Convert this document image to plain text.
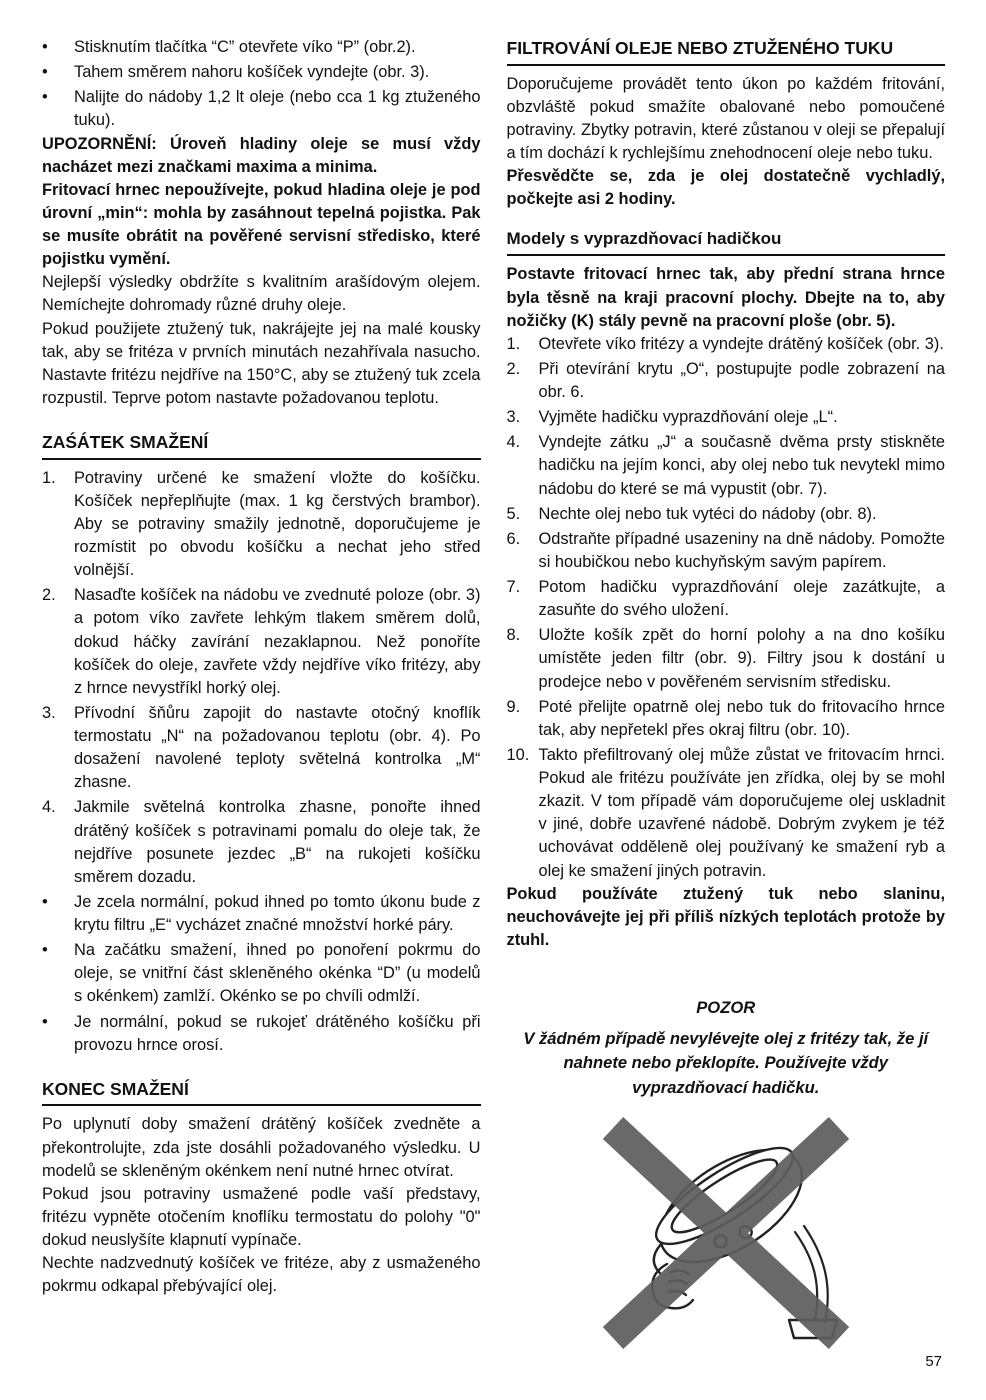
•
Stisknutím tlačítka “C” otevřete víko “P” (obr.2).
•
Tahem směrem nahoru košíček vyndejte (obr. 3).
•
Nalijte do nádoby 1,2 lt oleje (nebo cca 1 kg ztuženého tuku).

UPOZORNĚNÍ: Úroveň hladiny oleje se musí vždy nacházet mezi značkami maxima a minima.

Fritovací hrnec nepoužívejte, pokud hladina oleje je pod úrovní „min“: mohla by zasáhnout tepelná pojistka. Pak se musíte obrátit na pověřené servisní středisko, které pojistku vymění.

Nejlepší výsledky obdržíte s kvalitním arašídovým olejem. Nemíchejte dohromady různé druhy oleje.

Pokud použijete ztužený tuk, nakrájejte jej na malé kousky tak, aby se fritéza v prvních minutách nezahřívala nasucho. Nastavte fritézu nejdříve na 150°C, aby se ztužený tuk zcela rozpustil. Teprve potom nastavte požadovanou teplotu.

ZAŚÁTEK SMAŽENÍ
1.	Potraviny určené ke smažení vložte do košíčku. Košíček nepřeplňujte (max. 1 kg čerstvých brambor). Aby se potraviny smažily jednotně, doporučujeme je rozmístit po obvodu košíčku a nechat jeho střed volnější.
2.	Nasaďte košíček na nádobu ve zvednuté poloze (obr. 3) a potom víko zavřete lehkým tlakem směrem dolů, dokud háčky zavírání nezaklapnou. Než ponoříte košíček do oleje, zavřete vždy nejdříve víko fritézy, aby z hrnce nevystříkl horký olej.
3.	Přívodní šňůru zapojit do nastavte otočný knoflík termostatu „N“ na požadovanou teplotu (obr. 4). Po dosažení navolené teploty světelná kontrolka „M“ zhasne.
4.	Jakmile světelná kontrolka zhasne, ponořte ihned drátěný košíček s potravinami pomalu do oleje tak, že nejdříve posunete jezdec „B“ na rukojeti košíčku směrem dozadu.
•
Je zcela normální, pokud ihned po tomto úkonu bude z krytu filtru „E“ vycházet značné množství horké páry.
•
Na začátku smažení, ihned po ponoření pokrmu do oleje, se vnitřní část skleněného okénka “D” (u modelů s okénkem) zamlží. Okénko se po chvíli odmlží.
•
Je normální, pokud se rukojeť drátěného košíčku při provozu hrnce orosí.
KONEC SMAŽENÍ

Po uplynutí doby smažení drátěný košíček zvedněte a překontrolujte, zda jste dosáhli požadovaného výsledku. U modelů se skleněným okénkem není nutné hrnec otvírat.

Pokud jsou potraviny usmažené podle vaší představy, fritézu vypněte otočením knoflíku termostatu do polohy "0" dokud neuslyšíte klapnutí vypínače.

Nechte nadzvednutý košíček ve fritéze, aby z usmaženého pokrmu odkapal přebývající olej.

FILTROVÁNÍ OLEJE NEBO ZTUŽENÉHO TUKU

Doporučujeme provádět tento úkon po každém fritování, obzvláště pokud smažíte obalované nebo pomoučené potraviny. Zbytky potravin, které zůstanou v oleji se přepalují a tím dochází k rychlejšímu znehodnocení oleje nebo tuku.

Přesvědčte se, zda je olej dostatečně vychladlý, počkejte asi 2 hodiny.

Modely s vyprazdňovací hadičkou

Postavte fritovací hrnec tak, aby přední strana hrnce byla těsně na kraji pracovní plochy. Dbejte na to, aby nožičky (K) stály pevně na pracovní ploše (obr. 5).

1.	Otevřete víko fritézy a vyndejte drátěný košíček (obr. 3).
2.	Při otevírání krytu „O“, postupujte podle zobrazení na obr. 6.
3.	Vyjměte hadičku vyprazdňování oleje „L“.
4.	Vyndejte zátku „J“ a současně dvěma prsty stiskněte hadičku na jejím konci, aby olej nebo tuk nevytekl mimo nádobu do které se má vypustit (obr. 7).
5.	Nechte olej nebo tuk vytéci do nádoby (obr. 8).
6.	Odstraňte případné usazeniny na dně nádoby. Pomožte si houbičkou nebo kuchyňským savým papírem.
7.	Potom hadičku vyprazdňování oleje zazátkujte, a zasuňte do svého uložení.
8.	Uložte košík zpět do horní polohy a na dno košíku umístěte jeden filtr (obr. 9). Filtry jsou k dostání u prodejce nebo v pověřeném servisním středisku.
9.	Poté přelijte opatrně olej nebo tuk do fritovacího hrnce tak, aby nepřetekl přes okraj filtru (obr. 10).
10. Takto přefiltrovaný olej může zůstat ve fritovacím hrnci. Pokud ale fritézu používáte jen zřídka, olej by se mohl zkazit. V tom případě vám doporučujeme olej uskladnit v jiné, dobře uzavřené nádobě. Dobrým zvykem je též uchovávat odděleně olej používaný ke smažení ryb a olej ke smažení jiných potravin.

Pokud používáte ztužený tuk nebo slaninu, neuchovávejte jej při příliš nízkých teplotách protože by ztuhl.

POZOR
V žádném případě nevylévejte olej z fritézy tak, že jí nahnete nebo překlopíte. Používejte vždy vyprazdňovací hadičku.
57
